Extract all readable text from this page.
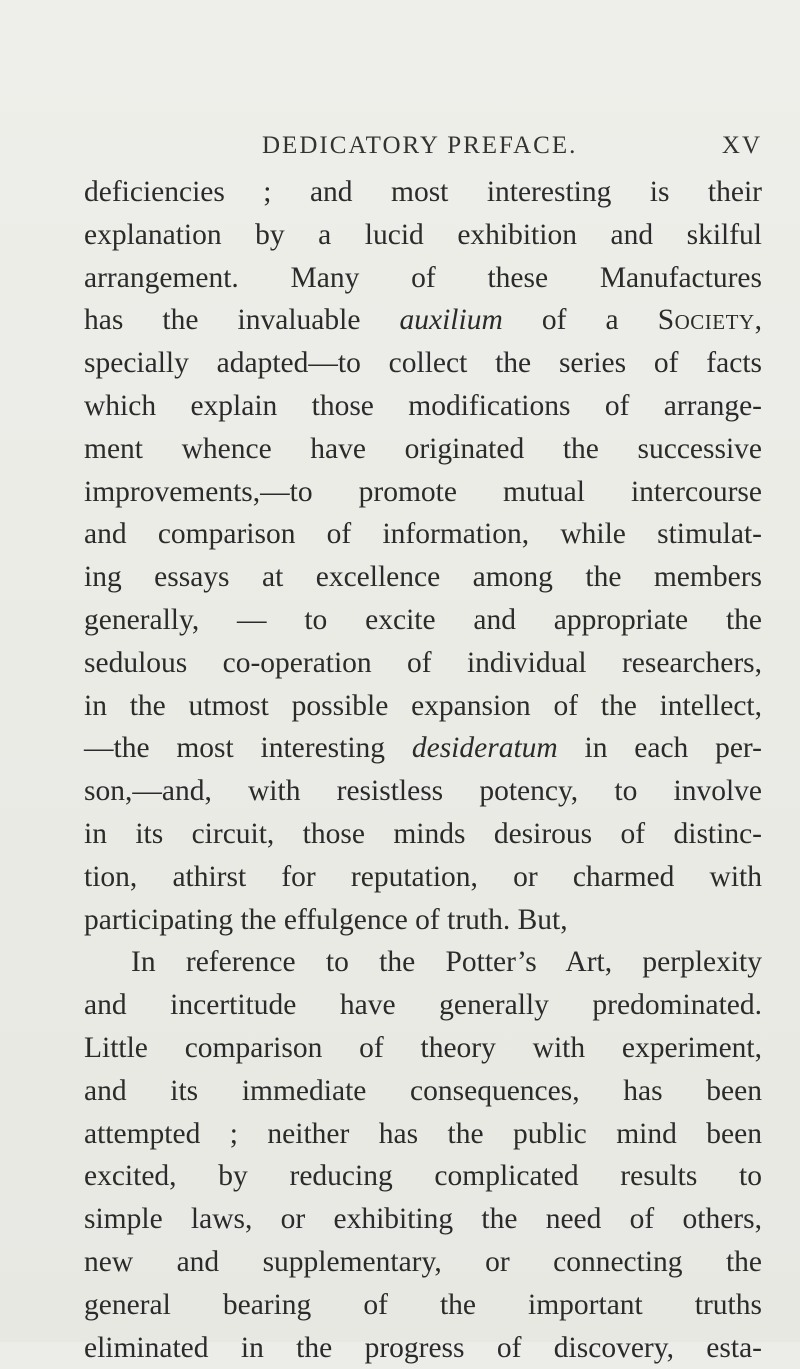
DEDICATORY PREFACE.	XV
deficiencies ; and most interesting is their
explanation by a lucid exhibition and skilful
arrangement. Many of these Manufactures
has the invaluable auxilium of a Society,
specially adapted—to collect the series of facts
which explain those modifications of arrange-
ment whence have originated the successive
improvements,—to promote mutual intercourse
and comparison of information, while stimulat-
ing essays at excellence among the members
generally, — to excite and appropriate the
sedulous co-operation of individual researchers,
in the utmost possible expansion of the intellect,
—the most interesting desideratum in each per-
son,—and, with resistless potency, to involve
in its circuit, those minds desirous of distinc-
tion, athirst for reputation, or charmed with
participating the effulgence of truth. But,
In reference to the Potter’s Art, perplexity
and incertitude have generally predominated.
Little comparison of theory with experiment,
and its immediate consequences, has been
attempted ; neither has the public mind been
excited, by reducing complicated results to
simple laws, or exhibiting the need of others,
new and supplementary, or connecting the
general bearing of the important truths
eliminated in the progress of discovery, esta-
